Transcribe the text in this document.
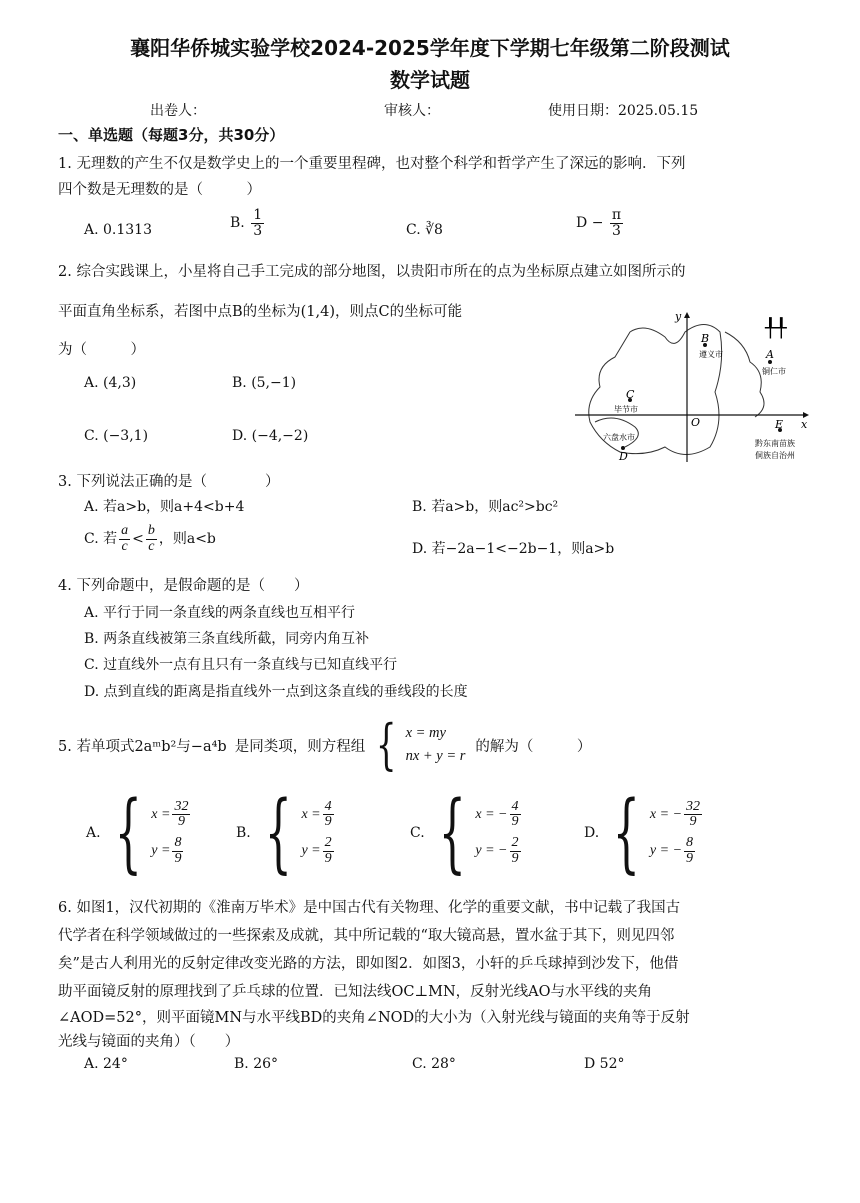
襄阳华侨城实验学校2024-2025学年度下学期七年级第二阶段测试
数学试题
出卷人：	审核人：	使用日期：2025.05.15
一、单选题（每题3分，共30分）
1. 无理数的产生不仅是数学史上的一个重要里程碑，也对整个科学和哲学产生了深远的影响．下列
四个数是无理数的是（　　　）
A. 0.1313	B. $\frac{1}{3}$	C. ∛8	$D - \frac{\pi}{3}$
2. 综合实践课上，小星将自己手工完成的部分地图，以贵阳市所在的点为坐标原点建立如图所示的
平面直角坐标系，若图中点B的坐标为(1,4)，则点C的坐标可能
为（　　　）
A. (4,3)	B. (5,−1)
C. (−3,1)	D. (−4,−2)
x
y
O
B
遵义市	A
铜仁市
C
毕节市
六盘水市
D
E
黔东南苗族
侗族自治州
╀╀
3. 下列说法正确的是（　　　　）
A. 若a>b，则a+4<b+4	B. 若a>b，则ac²>bc²
C. 若 $\frac{a}{c} < \frac{b}{c}$ ，则a<b
D. 若−2a−1<−2b−1，则a>b
4. 下列命题中，是假命题的是（　　）
A. 平行于同一条直线的两条直线也互相平行
B. 两条直线被第三条直线所截，同旁内角互补
C. 过直线外一点有且只有一条直线与已知直线平行
D. 点到直线的距离是指直线外一点到这条直线的垂线段的长度
5. 若单项式2aᵐb²与−a⁴b 是同类项，则方程组 { x = my
nx + y = r
的解为（　　　）
A. { $x = \frac{32}{9}$
$y = \frac{8}{9}$
B. { $x = \frac{4}{9}$
$y = \frac{2}{9}$
C. { x = − $\frac{4}{9}$
y = − $\frac{2}{9}$
D. { x = − $\frac{32}{9}$
y = − $\frac{8}{9}$
6. 如图1，汉代初期的《淮南万毕术》是中国古代有关物理、化学的重要文献，书中记载了我国古
代学者在科学领域做过的一些探索及成就，其中所记载的“取大镜高悬，置水盆于其下，则见四邻
矣”是古人利用光的反射定律改变光路的方法，即如图2．如图3，小轩的乒乓球掉到沙发下，他借
助平面镜反射的原理找到了乒乓球的位置．已知法线OC⊥MN，反射光线AO与水平线的夹角
∠AOD=52°，则平面镜MN与水平线BD的夹角∠NOD的大小为（入射光线与镜面的夹角等于反射
光线与镜面的夹角）（　　）
A. 24°	B. 26°	C. 28°	D 52°
